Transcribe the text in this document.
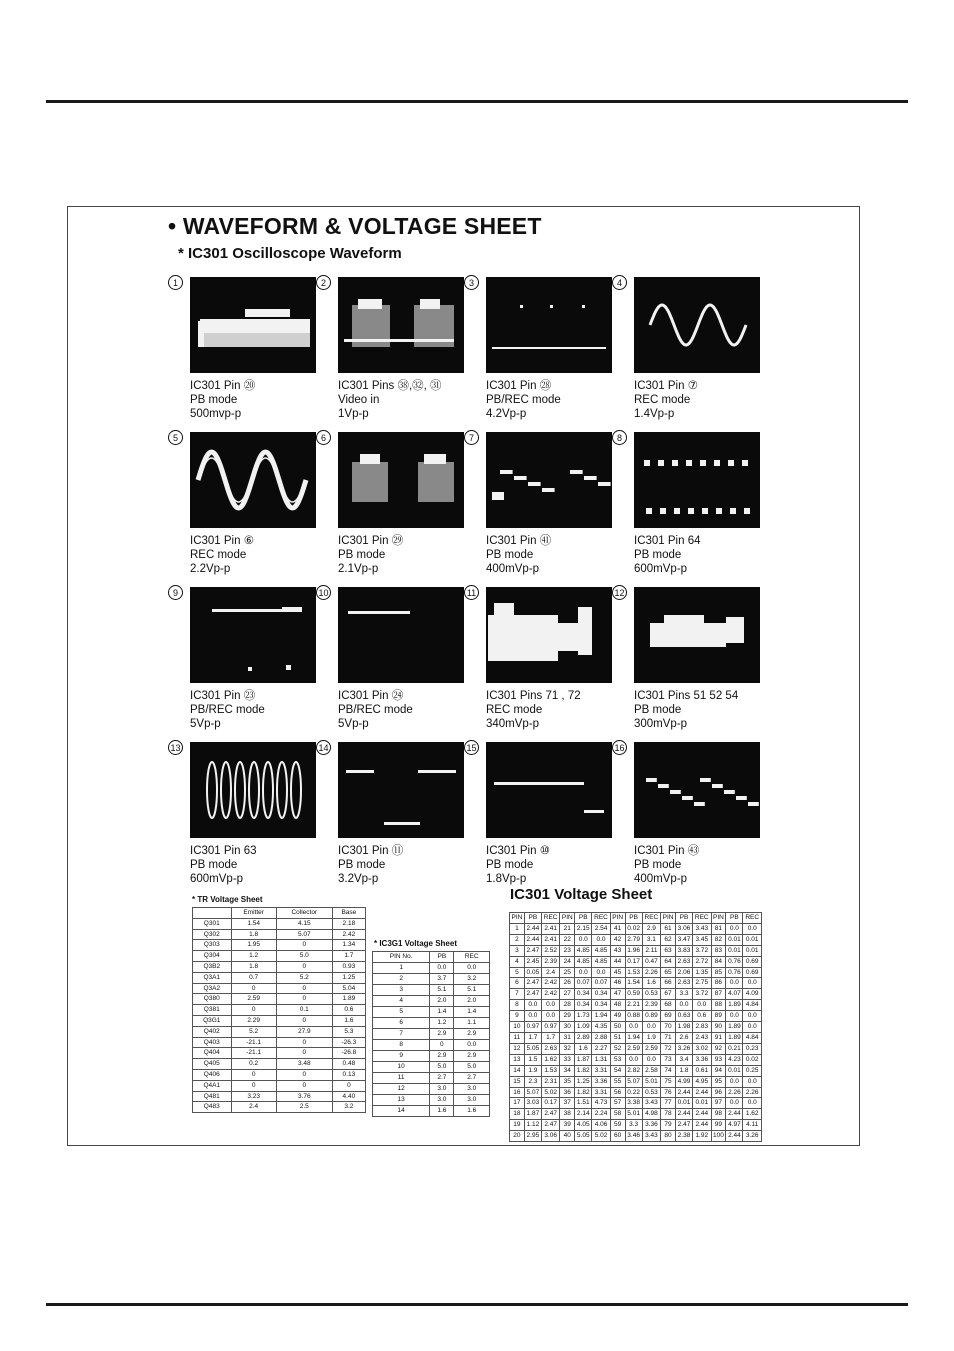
• WAVEFORM & VOLTAGE SHEET
* IC301 Oscilloscope Waveform
1
IC301 Pin ⑳
PB mode
500mvp-p
2
IC301 Pins ㊳,㉜, ㉛
Video in
1Vp-p
3
IC301 Pin ㉘
PB/REC mode
4.2Vp-p
4
IC301 Pin ⑦
REC mode
1.4Vp-p
5
IC301 Pin ⑥
REC mode
2.2Vp-p
6
IC301 Pin ㉙
PB mode
2.1Vp-p
7
IC301 Pin ㊶
PB mode
400mVp-p
8
IC301 Pin 64
PB mode
600mVp-p
9
IC301 Pin ㉓
PB/REC mode
5Vp-p
10
IC301 Pin ㉔
PB/REC mode
5Vp-p
11
IC301 Pins 71 , 72
REC mode
340mVp-p
12
IC301 Pins 51 52 54
PB mode
300mVp-p
13
IC301 Pin 63
PB mode
600mVp-p
14
IC301 Pin ⑪
PB mode
3.2Vp-p
15
IC301 Pin ⑩
PB mode
1.8Vp-p
16
IC301 Pin ㊸
PB mode
400mVp-p
* TR Voltage Sheet
	Emitter	Collector	Base
Q301	1.54	4.15	2.18
Q302	1.8	5.07	2.42
Q303	1.95	0	1.34
Q304	1.2	5.0	1.7
Q3B2	1.8	0	0.93
Q3A1	0.7	5.2	1.25
Q3A2	0	0	5.04
Q380	2.59	0	1.89
Q381	0	0.1	0.6
Q3G1	2.29	0	1.6
Q402	5.2	27.9	5.3
Q403	-21.1	0	-26.3
Q404	-21.1	0	-26.8
Q405	0.2	3.48	0.48
Q406	0	0	0.13
Q4A1	0	0	0
Q481	3.23	3.76	4.40
Q483	2.4	2.5	3.2
* IC3G1 Voltage Sheet
PIN No.	PB	REC
1	0.0	0.0
2	3.7	3.2
3	5.1	5.1
4	2.0	2.0
5	1.4	1.4
6	1.2	1.1
7	2.9	2.9
8	0	0.0
9	2.9	2.9
10	5.0	5.0
11	2.7	2.7
12	3.0	3.0
13	3.0	3.0
14	1.6	1.6
IC301 Voltage Sheet
PIN	PB	REC	PIN	PB	REC	PIN	PB	REC	PIN	PB	REC	PIN	PB	REC
1	2.44	2.41	21	2.15	2.54	41	0.02	2.9	61	3.06	3.43	81	0.0	0.0
2	2.44	2.41	22	0.0	0.0	42	2.79	3.1	62	3.47	3.45	82	0.01	0.01
3	2.47	2.52	23	4.85	4.85	43	1.96	2.11	63	3.83	3.72	83	0.01	0.01
4	2.45	2.39	24	4.85	4.85	44	0.17	0.47	64	2.63	2.72	84	0.76	0.69
5	0.05	2.4	25	0.0	0.0	45	1.53	2.26	65	2.06	1.35	85	0.76	0.69
6	2.47	2.42	26	0.07	0.07	46	1.54	1.6	66	2.63	2.75	86	0.0	0.0
7	2.47	2.42	27	0.34	0.34	47	0.59	0.53	67	3.3	3.72	87	4.07	4.09
8	0.0	0.0	28	0.34	0.34	48	2.21	2.39	68	0.0	0.0	88	1.89	4.84
9	0.0	0.0	29	1.73	1.94	49	0.88	0.89	69	0.63	0.6	89	0.0	0.0
10	0.97	0.97	30	1.09	4.35	50	0.0	0.0	70	1.98	2.83	90	1.89	0.0
11	1.7	1.7	31	2.89	2.88	51	1.94	1.9	71	2.6	2.43	91	1.89	4.84
12	5.05	2.63	32	1.6	2.27	52	2.59	2.59	72	3.26	3.02	92	0.21	0.23
13	1.5	1.62	33	1.87	1.31	53	0.0	0.0	73	3.4	3.36	93	4.23	0.02
14	1.9	1.53	34	1.82	3.31	54	2.82	2.58	74	1.8	0.61	94	0.01	0.25
15	2.3	2.31	35	1.25	3.36	55	5.07	5.01	75	4.99	4.95	95	0.0	0.0
16	5.07	5.02	36	1.82	3.31	56	0.22	0.53	76	2.44	2.44	96	2.26	2.26
17	3.03	0.17	37	1.51	4.73	57	3.38	3.43	77	0.01	0.01	97	0.0	0.0
18	1.87	2.47	38	2.14	2.24	58	5.01	4.98	78	2.44	2.44	98	2.44	1.62
19	1.12	2.47	39	4.05	4.06	59	3.3	3.36	79	2.47	2.44	99	4.97	4.11
20	2.95	3.06	40	5.05	5.02	60	3.46	3.43	80	2.38	1.92	100	2.44	3.26
